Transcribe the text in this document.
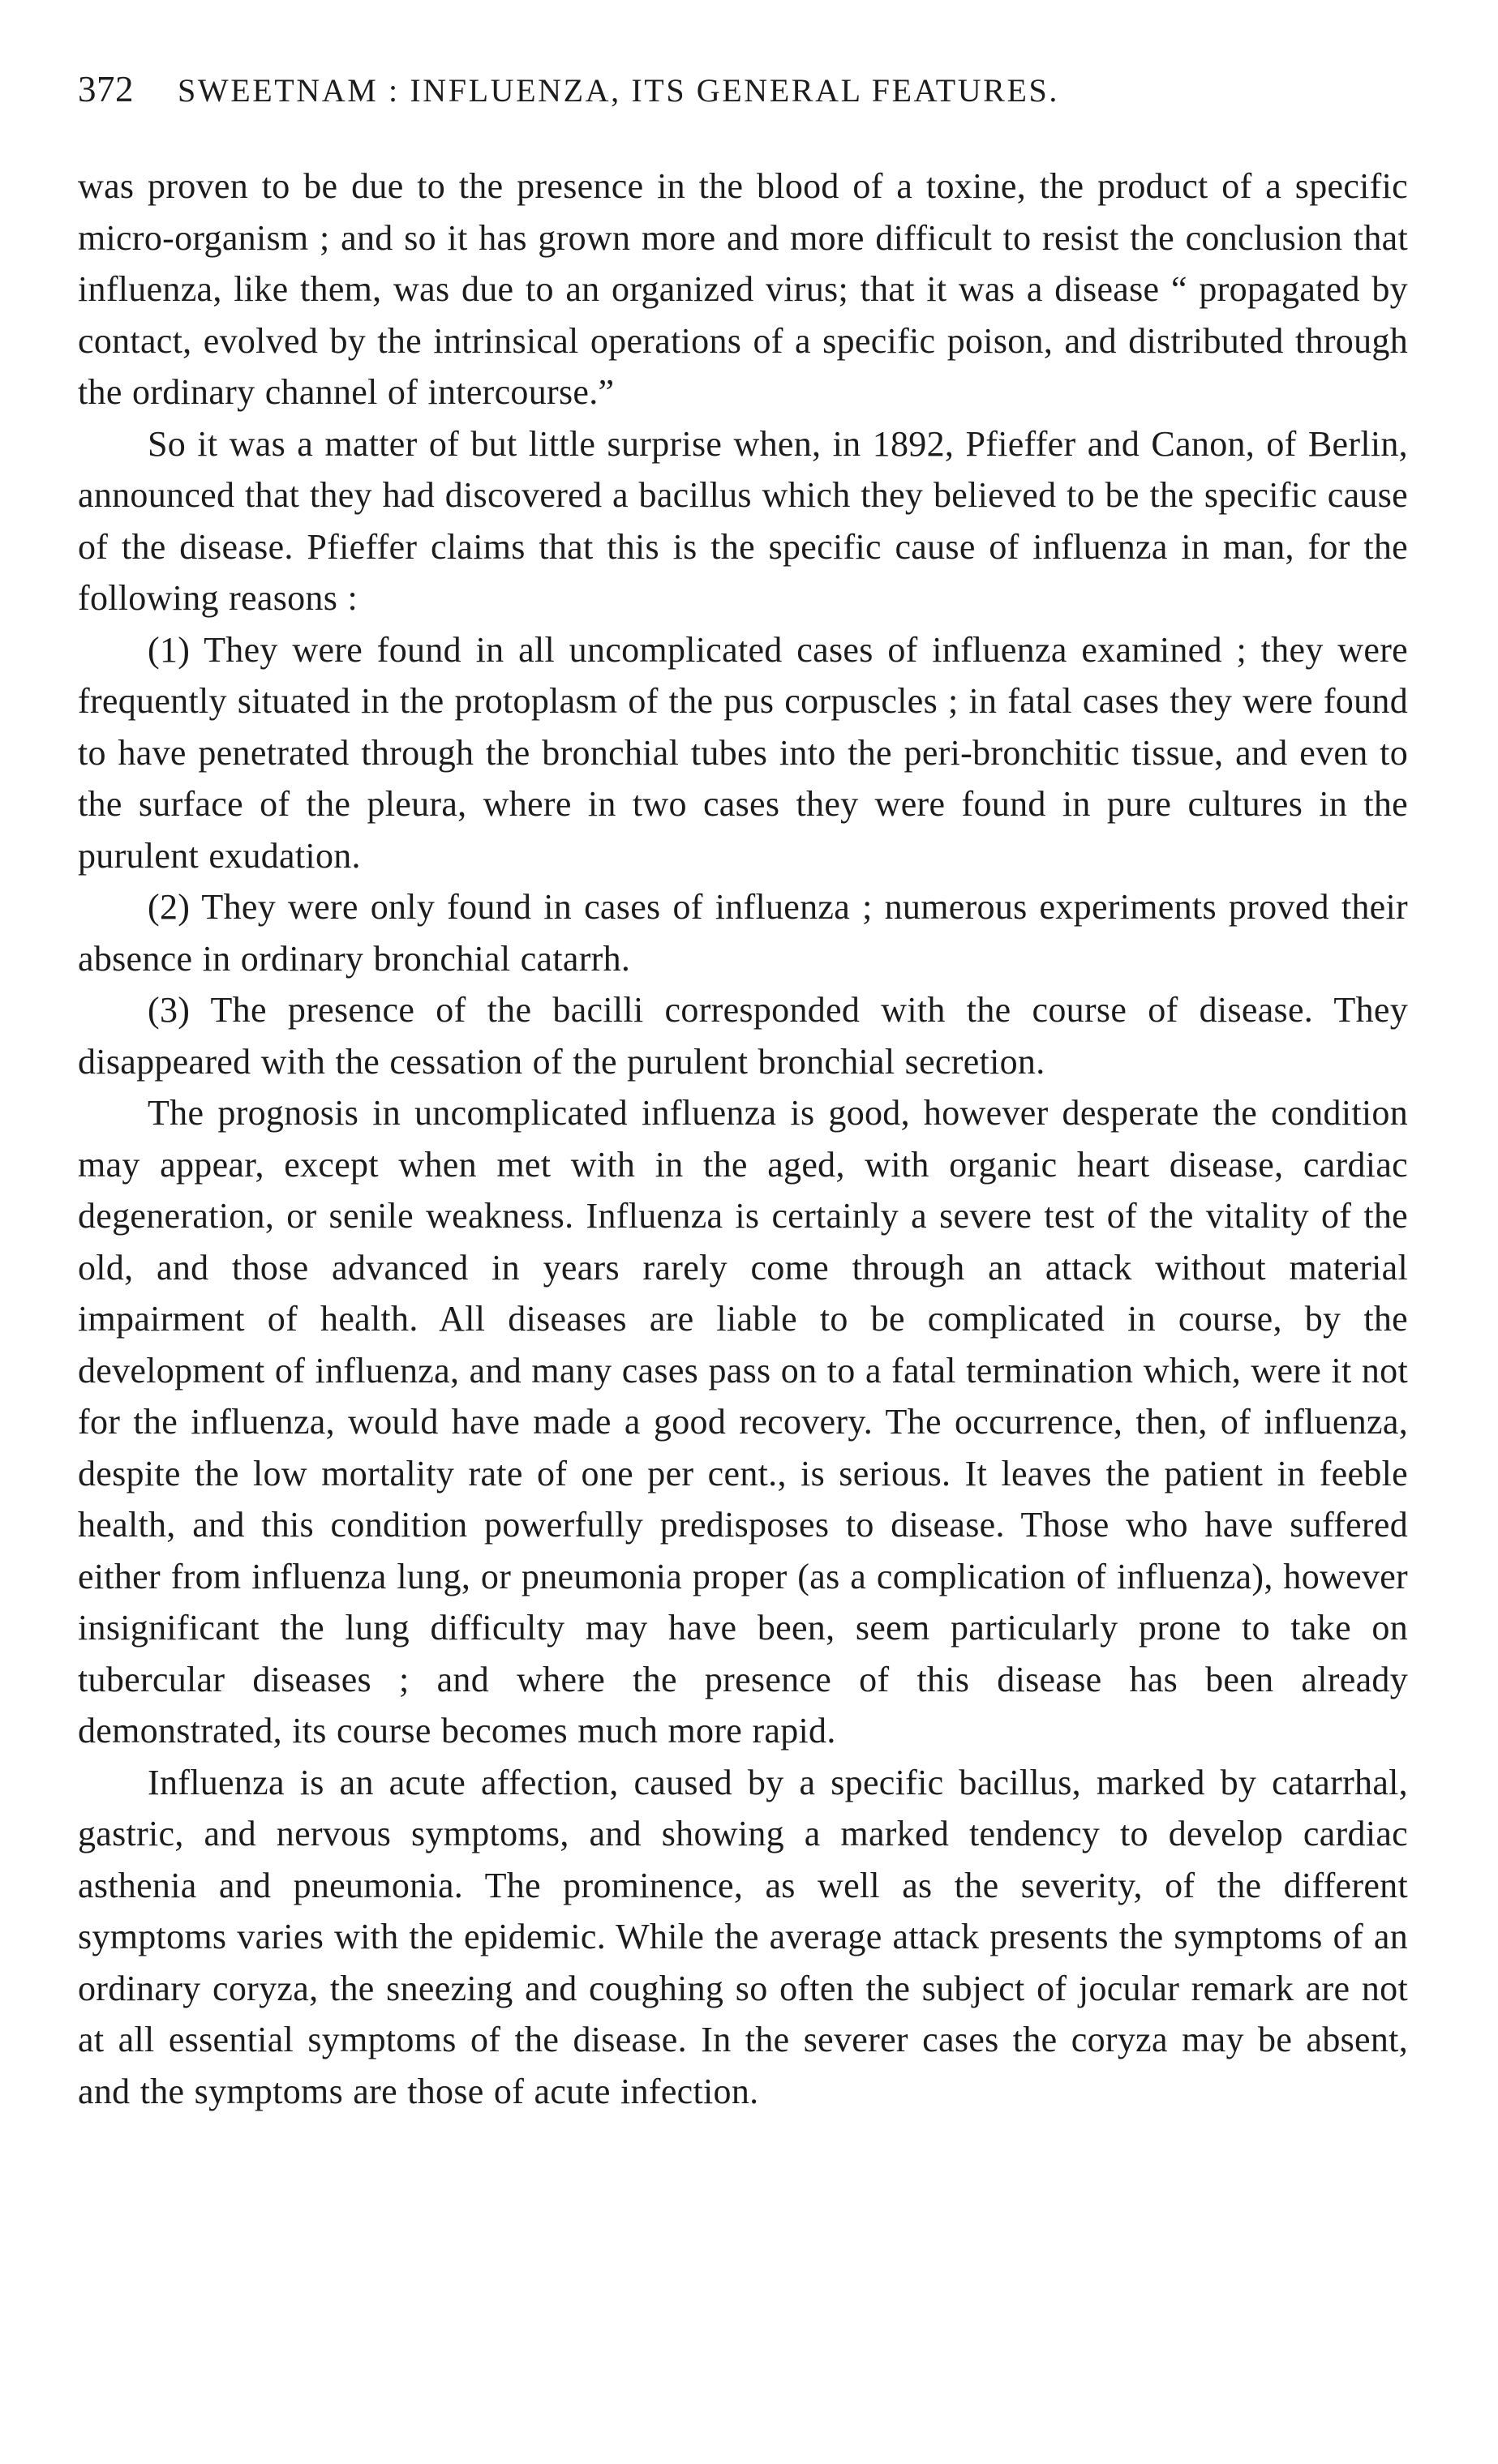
372 SWEETNAM : INFLUENZA, ITS GENERAL FEATURES.

was proven to be due to the presence in the blood of a toxine, the product of a specific micro-organism ; and so it has grown more and more difficult to resist the conclusion that influenza, like them, was due to an organized virus; that it was a disease “ propagated by contact, evolved by the intrinsical operations of a specific poison, and distributed through the ordinary channel of intercourse.”

So it was a matter of but little surprise when, in 1892, Pfieffer and Canon, of Berlin, announced that they had discovered a bacillus which they believed to be the specific cause of the disease. Pfieffer claims that this is the specific cause of influenza in man, for the following reasons :

(1) They were found in all uncomplicated cases of influenza examined ; they were frequently situated in the protoplasm of the pus corpuscles ; in fatal cases they were found to have penetrated through the bronchial tubes into the peri-bronchitic tissue, and even to the surface of the pleura, where in two cases they were found in pure cultures in the purulent exudation.

(2) They were only found in cases of influenza ; numerous experiments proved their absence in ordinary bronchial catarrh.

(3) The presence of the bacilli corresponded with the course of disease. They disappeared with the cessation of the purulent bronchial secretion.

The prognosis in uncomplicated influenza is good, however desperate the condition may appear, except when met with in the aged, with organic heart disease, cardiac degeneration, or senile weakness. Influenza is certainly a severe test of the vitality of the old, and those advanced in years rarely come through an attack without material impairment of health. All diseases are liable to be complicated in course, by the development of influenza, and many cases pass on to a fatal termination which, were it not for the influenza, would have made a good recovery. The occurrence, then, of influenza, despite the low mortality rate of one per cent., is serious. It leaves the patient in feeble health, and this condition powerfully predisposes to disease. Those who have suffered either from influenza lung, or pneumonia proper (as a complication of influenza), however insignificant the lung difficulty may have been, seem particularly prone to take on tubercular diseases ; and where the presence of this disease has been already demonstrated, its course becomes much more rapid.

Influenza is an acute affection, caused by a specific bacillus, marked by catarrhal, gastric, and nervous symptoms, and showing a marked tendency to develop cardiac asthenia and pneumonia. The prominence, as well as the severity, of the different symptoms varies with the epidemic. While the average attack presents the symptoms of an ordinary coryza, the sneezing and coughing so often the subject of jocular remark are not at all essential symptoms of the disease. In the severer cases the coryza may be absent, and the symptoms are those of acute infection.
